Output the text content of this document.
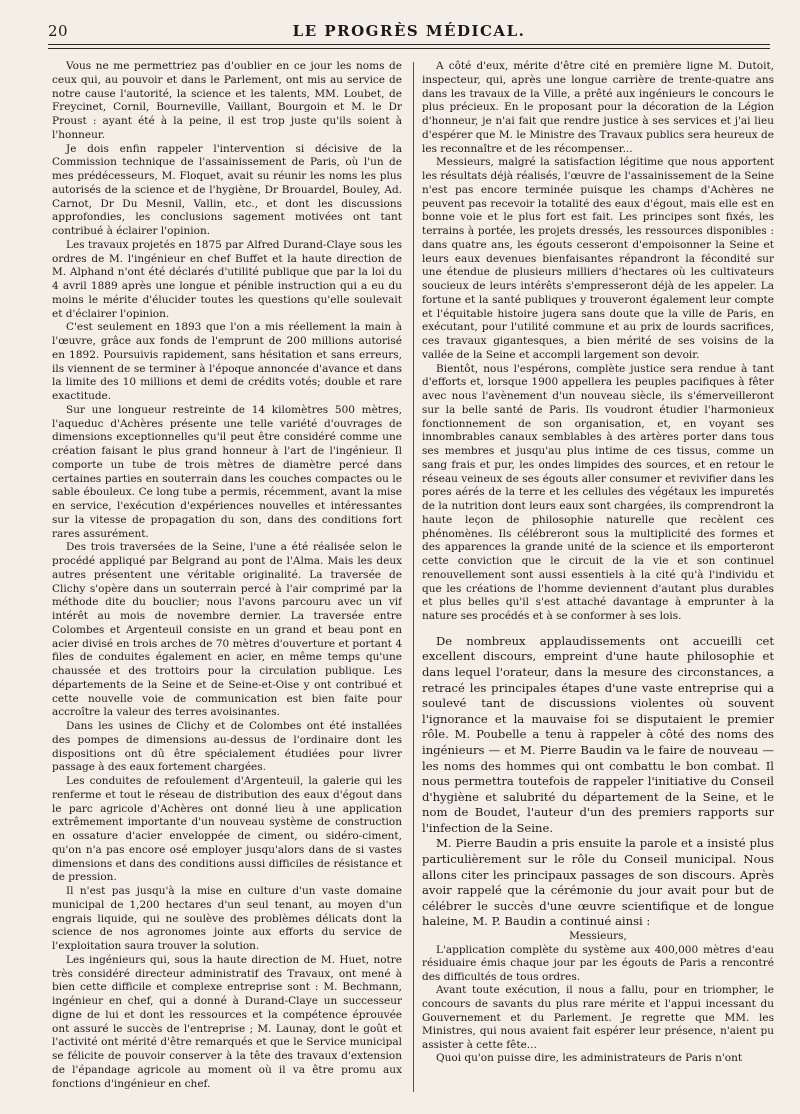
20	LE PROGRÈS MÉDICAL.

Vous ne me permettriez pas d'oublier en ce jour les noms de ceux qui, au pouvoir et dans le Parlement, ont mis au service de notre cause l'autorité, la science et les talents, MM. Loubet, de Freycinet, Cornil, Bourneville, Vaillant, Bourgoin et M. le Dr Proust : ayant été à la peine, il est trop juste qu'ils soient à l'honneur.

Je dois enfin rappeler l'intervention si décisive de la Commission technique de l'assainissement de Paris, où l'un de mes prédécesseurs, M. Floquet, avait su réunir les noms les plus autorisés de la science et de l'hygiène, Dr Brouardel, Bouley, Ad. Carnot, Dr Du Mesnil, Vallin, etc., et dont les discussions approfondies, les conclusions sagement motivées ont tant contribué à éclairer l'opinion.

Les travaux projetés en 1875 par Alfred Durand-Claye sous les ordres de M. l'ingénieur en chef Buffet et la haute direction de M. Alphand n'ont été déclarés d'utilité publique que par la loi du 4 avril 1889 après une longue et pénible instruction qui a eu du moins le mérite d'élucider toutes les questions qu'elle soulevait et d'éclairer l'opinion.

C'est seulement en 1893 que l'on a mis réellement la main à l'œuvre, grâce aux fonds de l'emprunt de 200 millions autorisé en 1892. Poursuivis rapidement, sans hésitation et sans erreurs, ils viennent de se terminer à l'époque annoncée d'avance et dans la limite des 10 millions et demi de crédits votés; double et rare exactitude.

Sur une longueur restreinte de 14 kilomètres 500 mètres, l'aqueduc d'Achères présente une telle variété d'ouvrages de dimensions exceptionnelles qu'il peut être considéré comme une création faisant le plus grand honneur à l'art de l'ingénieur. Il comporte un tube de trois mètres de diamètre percé dans certaines parties en souterrain dans les couches compactes ou le sable éboulеux. Ce long tube a permis, récemment, avant la mise en service, l'exécution d'expériences nouvelles et intéressantes sur la vitesse de propagation du son, dans des conditions fort rares assurément.

Des trois traversées de la Seine, l'une a été réalisée selon le procédé appliqué par Belgrand au pont de l'Alma. Mais les deux autres présentent une véritable originalité. La traversée de Clichy s'opère dans un souterrain percé à l'air comprimé par la méthode dite du bouclier; nous l'avons parcouru avec un vif intérêt au mois de novembre dernier. La traversée entre Colombes et Argenteuil consiste en un grand et beau pont en acier divisé en trois arches de 70 mètres d'ouverture et portant 4 files de conduites également en acier, en même temps qu'une chaussée et des trottoirs pour la circulation publique. Les départements de la Seine et de Seine-et-Oise y ont contribué et cette nouvelle voie de communication est bien faite pour accroître la valeur des terres avoisinantes.

Dans les usines de Clichy et de Colombes ont été installées des pompes de dimensions au-dessus de l'ordinaire dont les dispositions ont dû être spécialement étudiées pour livrer passage à des eaux fortement chargées.

Les conduites de refoulement d'Argenteuil, la galerie qui les renferme et tout le réseau de distribution des eaux d'égout dans le parc agricole d'Achères ont donné lieu à une application extrêmement importante d'un nouveau système de construction en ossature d'acier enveloppée de ciment, ou sidéro-ciment, qu'on n'a pas encore osé employer jusqu'alors dans de si vastes dimensions et dans des conditions aussi difficiles de résistance et de pression.

Il n'est pas jusqu'à la mise en culture d'un vaste domaine municipal de 1,200 hectares d'un seul tenant, au moyen d'un engrais liquide, qui ne soulève des problèmes délicats dont la science de nos agronomes jointe aux efforts du service de l'exploitation saura trouver la solution.

Les ingénieurs qui, sous la haute direction de M. Huet, notre très considéré directeur administratif des Travaux, ont mené à bien cette difficile et complexe entreprise sont : M. Bechmann, ingénieur en chef, qui a donné à Durand-Claye un successeur digne de lui et dont les ressources et la compétence éprouvée ont assuré le succès de l'entreprise ; M. Launay, dont le goût et l'activité ont mérité d'être remarqués et que le Service municipal se félicite de pouvoir conserver à la tête des travaux d'extension de l'épandage agricole au moment où il va être promu aux fonctions d'ingénieur en chef.

A côté d'eux, mérite d'être cité en première ligne M. Dutoit, inspecteur, qui, après une longue carrière de trente-quatre ans dans les travaux de la Ville, a prêté aux ingénieurs le concours le plus précieux. En le proposant pour la décoration de la Légion d'honneur, je n'ai fait que rendre justice à ses services et j'ai lieu d'espérer que M. le Ministre des Travaux publics sera heureux de les reconnaître et de les récompenser...

Messieurs, malgré la satisfaction légitime que nous apportent les résultats déjà réalisés, l'œuvre de l'assainissement de la Seine n'est pas encore terminée puisque les champs d'Achères ne peuvent pas recevoir la totalité des eaux d'égout, mais elle est en bonne voie et le plus fort est fait. Les principes sont fixés, les terrains à portée, les projets dressés, les ressources disponibles : dans quatre ans, les égouts cesseront d'empoisonner la Seine et leurs eaux devenues bienfaisantes répandront la fécondité sur une étendue de plusieurs milliers d'hectares où les cultivateurs soucieux de leurs intérêts s'empresseront déjà de les appeler. La fortune et la santé publiques y trouveront également leur compte et l'équitable histoire jugera sans doute que la ville de Paris, en exécutant, pour l'utilité commune et au prix de lourds sacrifices, ces travaux gigantesques, a bien mérité de ses voisins de la vallée de la Seine et accompli largement son devoir.

Bientôt, nous l'espérons, complète justice sera rendue à tant d'efforts et, lorsque 1900 appellera les peuples pacifiques à fêter avec nous l'avènement d'un nouveau siècle, ils s'émerveilleront sur la belle santé de Paris. Ils voudront étudier l'harmonieux fonctionnement de son organisation, et, en voyant ses innombrables canaux semblables à des artères porter dans tous ses membres et jusqu'au plus intime de ces tissus, comme un sang frais et pur, les ondes limpides des sources, et en retour le réseau veineux de ses égouts aller consumer et revivifier dans les pores aérés de la terre et les cellules des végétaux les impuretés de la nutrition dont leurs eaux sont chargées, ils comprendront la haute leçon de philosophie naturelle que recèlent ces phénomènes. Ils célébreront sous la multiplicité des formes et des apparences la grande unité de la science et ils emporteront cette conviction que le circuit de la vie et son continuel renouvellement sont aussi essentiels à la cité qu'à l'individu et que les créations de l'homme deviennent d'autant plus durables et plus belles qu'il s'est attaché davantage à emprunter à la nature ses procédés et à se conformer à ses lois.

De nombreux applaudissements ont accueilli cet excellent discours, empreint d'une haute philosophie et dans lequel l'orateur, dans la mesure des circonstances, a retracé les principales étapes d'une vaste entreprise qui a soulevé tant de discussions violentes où souvent l'ignorance et la mauvaise foi se disputaient le premier rôle. M. Poubelle a tenu à rappeler à côté des noms des ingénieurs — et M. Pierre Baudin va le faire de nouveau — les noms des hommes qui ont combattu le bon combat. Il nous permettra toutefois de rappeler l'initiative du Conseil d'hygiène et salubrité du département de la Seine, et le nom de Boudet, l'auteur d'un des premiers rapports sur l'infection de la Seine.

M. Pierre Baudin a pris ensuite la parole et a insisté plus particulièrement sur le rôle du Conseil municipal. Nous allons citer les principaux passages de son discours. Après avoir rappelé que la cérémonie du jour avait pour but de célébrer le succès d'une œuvre scientifique et de longue haleine, M. P. Baudin a continué ainsi :

Messieurs,

L'application complète du système aux 400,000 mètres d'eau résiduaire émis chaque jour par les égouts de Paris a rencontré des difficultés de tous ordres.

Avant toute exécution, il nous a fallu, pour en triompher, le concours de savants du plus rare mérite et l'appui incessant du Gouvernement et du Parlement. Je regrette que MM. les Ministres, qui nous avaient fait espérer leur présence, n'aient pu assister à cette fête...

Quoi qu'on puisse dire, les administrateurs de Paris n'ont
